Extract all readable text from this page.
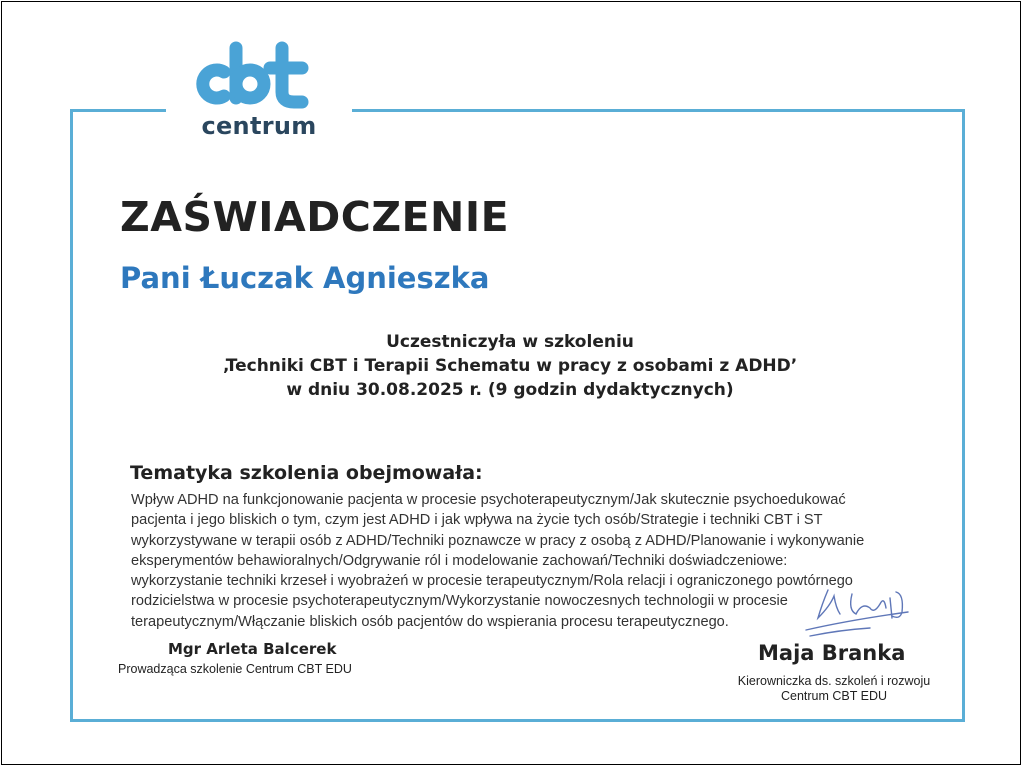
centrum
ZAŚWIADCZENIE
Pani Łuczak Agnieszka
Uczestniczyła w szkoleniu
‚Techniki CBT i Terapii Schematu w pracy z osobami z ADHD’
w dniu 30.08.2025 r. (9 godzin dydaktycznych)
Tematyka szkolenia obejmowała:
Wpływ ADHD na funkcjonowanie pacjenta w procesie psychoterapeutycznym/Jak skutecznie psychoedukować
pacjenta i jego bliskich o tym, czym jest ADHD i jak wpływa na życie tych osób/Strategie i techniki CBT i ST
wykorzystywane w terapii osób z ADHD/Techniki poznawcze w pracy z osobą z ADHD/Planowanie i wykonywanie
eksperymentów behawioralnych/Odgrywanie ról i modelowanie zachowań/Techniki doświadczeniowe:
wykorzystanie techniki krzeseł i wyobrażeń w procesie terapeutycznym/Rola relacji i ograniczonego powtórnego
rodzicielstwa w procesie psychoterapeutycznym/Wykorzystanie nowoczesnych technologii w procesie
terapeutycznym/Włączanie bliskich osób pacjentów do wspierania procesu terapeutycznego.
Mgr Arleta Balcerek
Prowadząca szkolenie Centrum CBT EDU
Maja Branka
Kierowniczka ds. szkoleń i rozwoju
Centrum CBT EDU
